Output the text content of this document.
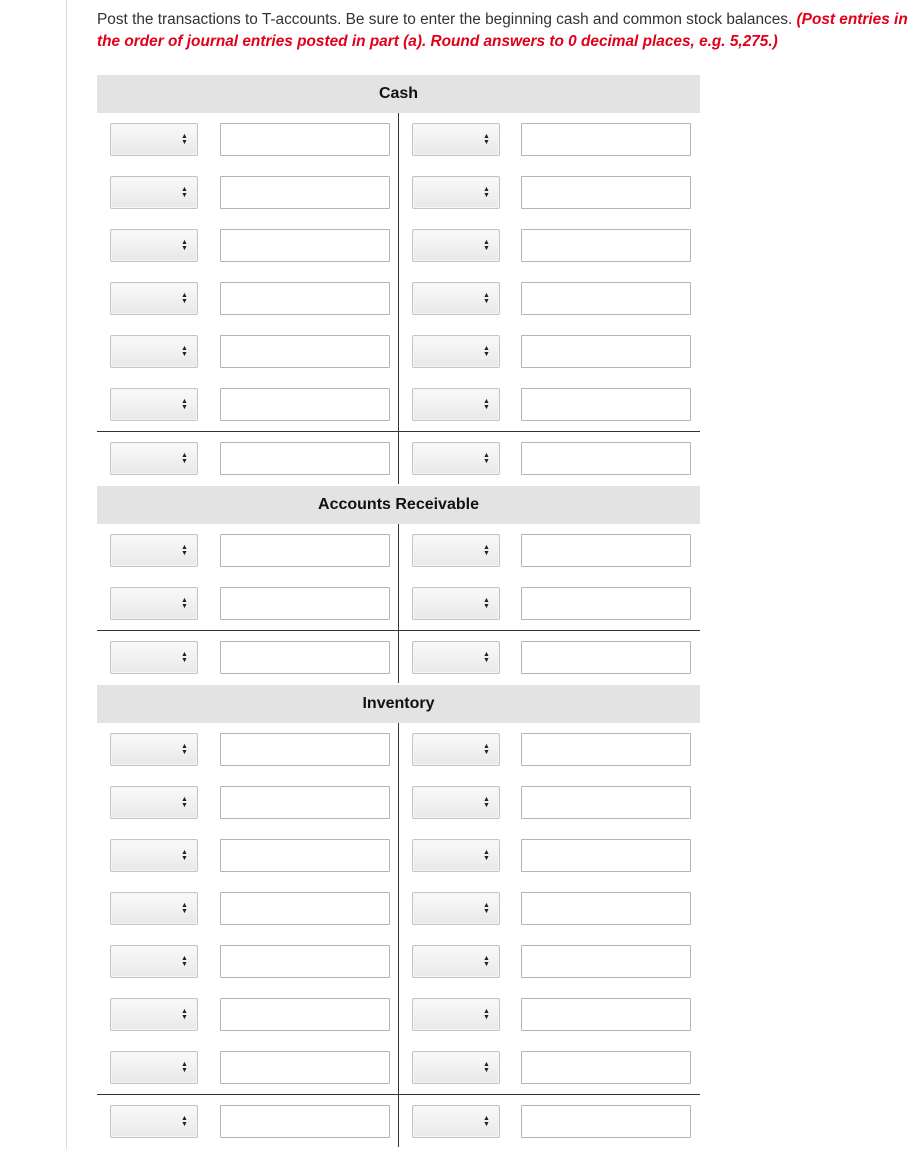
Post the transactions to T-accounts. Be sure to enter the beginning cash and common stock balances. (Post entries in the order of journal entries posted in part (a). Round answers to 0 decimal places, e.g. 5,275.)
Cash
▲
▼
▲
▼
▲
▼
▲
▼
▲
▼
▲
▼
▲
▼
▲
▼
▲
▼
▲
▼
▲
▼
▲
▼
▲
▼
▲
▼
Accounts Receivable
▲
▼
▲
▼
▲
▼
▲
▼
▲
▼
▲
▼
Inventory
▲
▼
▲
▼
▲
▼
▲
▼
▲
▼
▲
▼
▲
▼
▲
▼
▲
▼
▲
▼
▲
▼
▲
▼
▲
▼
▲
▼
▲
▼
▲
▼
